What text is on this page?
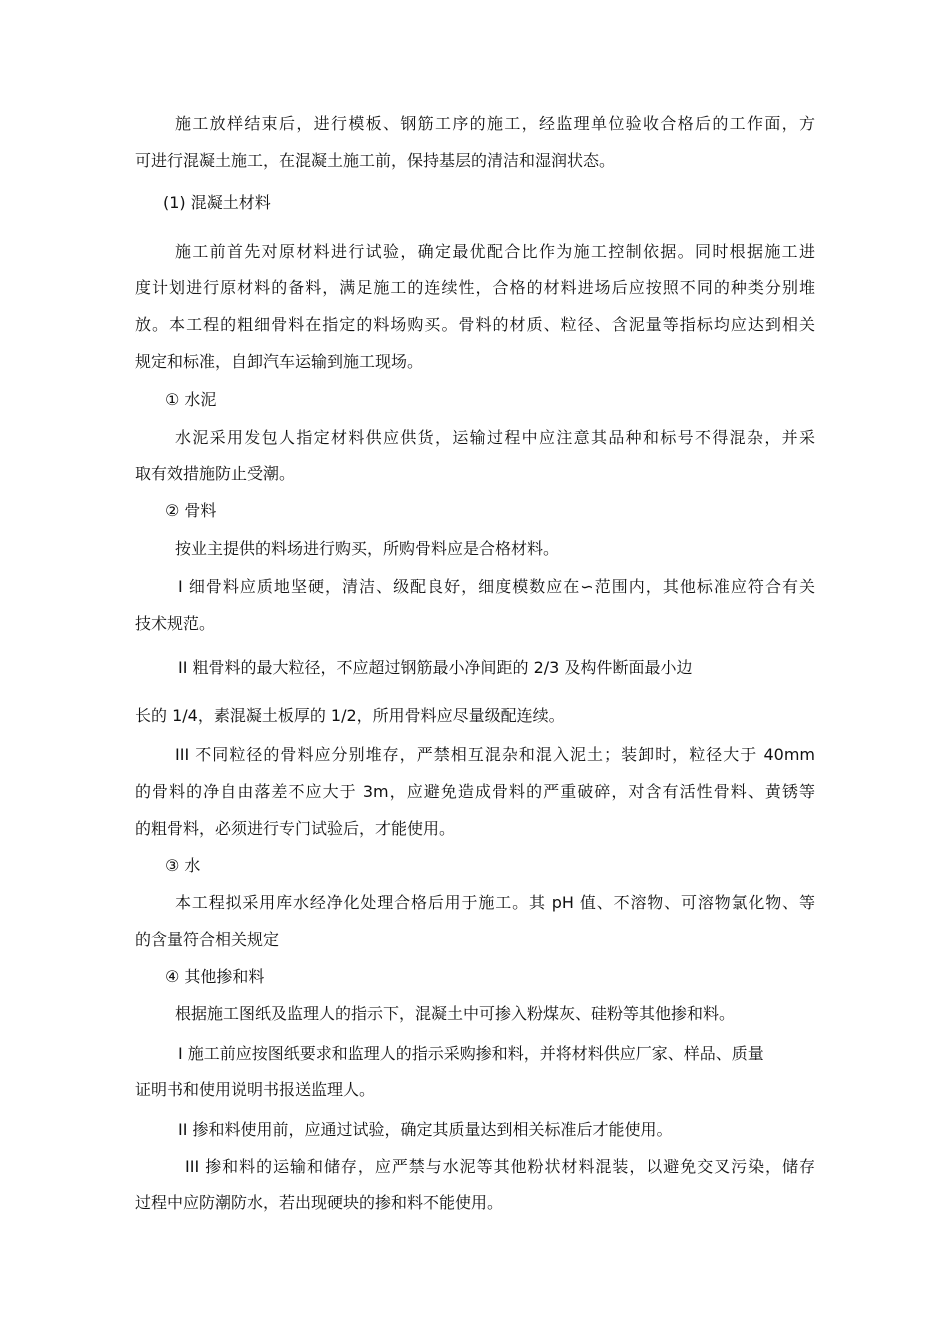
施工放样结束后，进行模板、钢筋工序的施工，经监理单位验收合格后的工作面，方
可进行混凝土施工，在混凝土施工前，保持基层的清洁和湿润状态。
(1) 混凝土材料
施工前首先对原材料进行试验，确定最优配合比作为施工控制依据。同时根据施工进
度计划进行原材料的备料，满足施工的连续性，合格的材料进场后应按照不同的种类分别堆
放。本工程的粗细骨料在指定的料场购买。骨料的材质、粒径、含泥量等指标均应达到相关
规定和标准，自卸汽车运输到施工现场。
① 水泥
水泥采用发包人指定材料供应供货，运输过程中应注意其品种和标号不得混杂，并采
取有效措施防止受潮。
② 骨料
按业主提供的料场进行购买，所购骨料应是合格材料。
I 细骨料应质地坚硬，清洁、级配良好，细度模数应在∽范围内，其他标准应符合有关
技术规范。
II 粗骨料的最大粒径，不应超过钢筋最小净间距的 2/3 及构件断面最小边
长的 1/4，素混凝土板厚的 1/2，所用骨料应尽量级配连续。
III 不同粒径的骨料应分别堆存，严禁相互混杂和混入泥土；装卸时，粒径大于 40mm
的骨料的净自由落差不应大于 3m，应避免造成骨料的严重破碎，对含有活性骨料、黄锈等
的粗骨料，必须进行专门试验后，才能使用。
③ 水
本工程拟采用库水经净化处理合格后用于施工。其 pH 值、不溶物、可溶物氯化物、等
的含量符合相关规定
④ 其他掺和料
根据施工图纸及监理人的指示下，混凝土中可掺入粉煤灰、硅粉等其他掺和料。
I 施工前应按图纸要求和监理人的指示采购掺和料，并将材料供应厂家、样品、质量
证明书和使用说明书报送监理人。
II 掺和料使用前，应通过试验，确定其质量达到相关标准后才能使用。
III 掺和料的运输和储存，应严禁与水泥等其他粉状材料混装，以避免交叉污染，储存
过程中应防潮防水，若出现硬块的掺和料不能使用。
